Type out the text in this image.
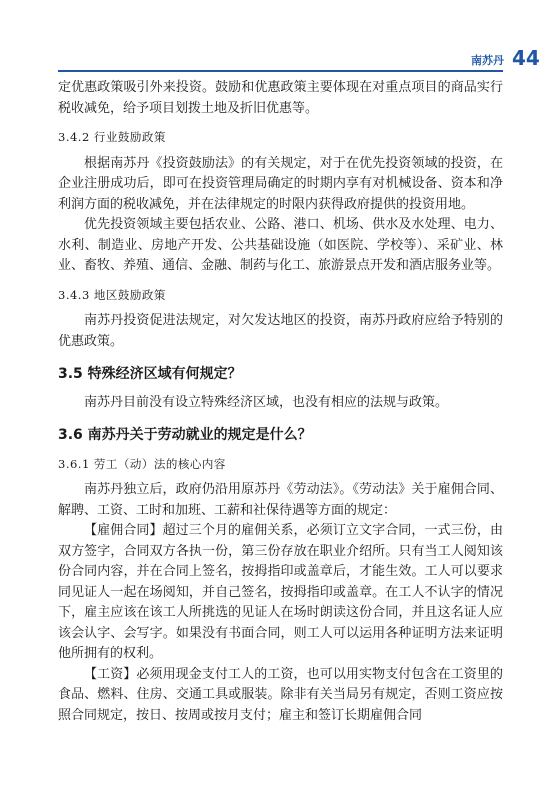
南苏丹 44

定优惠政策吸引外来投资。鼓励和优惠政策主要体现在对重点项目的商品实行税收减免，给予项目划拨土地及折旧优惠等。

3.4.2 行业鼓励政策

根据南苏丹《投资鼓励法》的有关规定，对于在优先投资领域的投资，在企业注册成功后，即可在投资管理局确定的时期内享有对机械设备、资本和净利润方面的税收减免，并在法律规定的时限内获得政府提供的投资用地。

优先投资领域主要包括农业、公路、港口、机场、供水及水处理、电力、水利、制造业、房地产开发、公共基础设施（如医院、学校等）、采矿业、林业、畜牧、养殖、通信、金融、制药与化工、旅游景点开发和酒店服务业等。

3.4.3 地区鼓励政策

南苏丹投资促进法规定，对欠发达地区的投资，南苏丹政府应给予特别的优惠政策。

3.5 特殊经济区域有何规定？

南苏丹目前没有设立特殊经济区域，也没有相应的法规与政策。

3.6 南苏丹关于劳动就业的规定是什么？

3.6.1 劳工（动）法的核心内容

南苏丹独立后，政府仍沿用原苏丹《劳动法》。《劳动法》关于雇佣合同、解聘、工资、工时和加班、工薪和社保待遇等方面的规定：

【雇佣合同】超过三个月的雇佣关系，必须订立文字合同，一式三份，由双方签字，合同双方各执一份，第三份存放在职业介绍所。只有当工人阅知该份合同内容，并在合同上签名，按拇指印或盖章后，才能生效。工人可以要求同见证人一起在场阅知，并自己签名，按拇指印或盖章。在工人不认字的情况下，雇主应该在该工人所挑选的见证人在场时朗读这份合同，并且这名证人应该会认字、会写字。如果没有书面合同，则工人可以运用各种证明方法来证明他所拥有的权利。

【工资】必须用现金支付工人的工资，也可以用实物支付包含在工资里的食品、燃料、住房、交通工具或服装。除非有关当局另有规定，否则工资应按照合同规定，按日、按周或按月支付；雇主和签订长期雇佣合同
